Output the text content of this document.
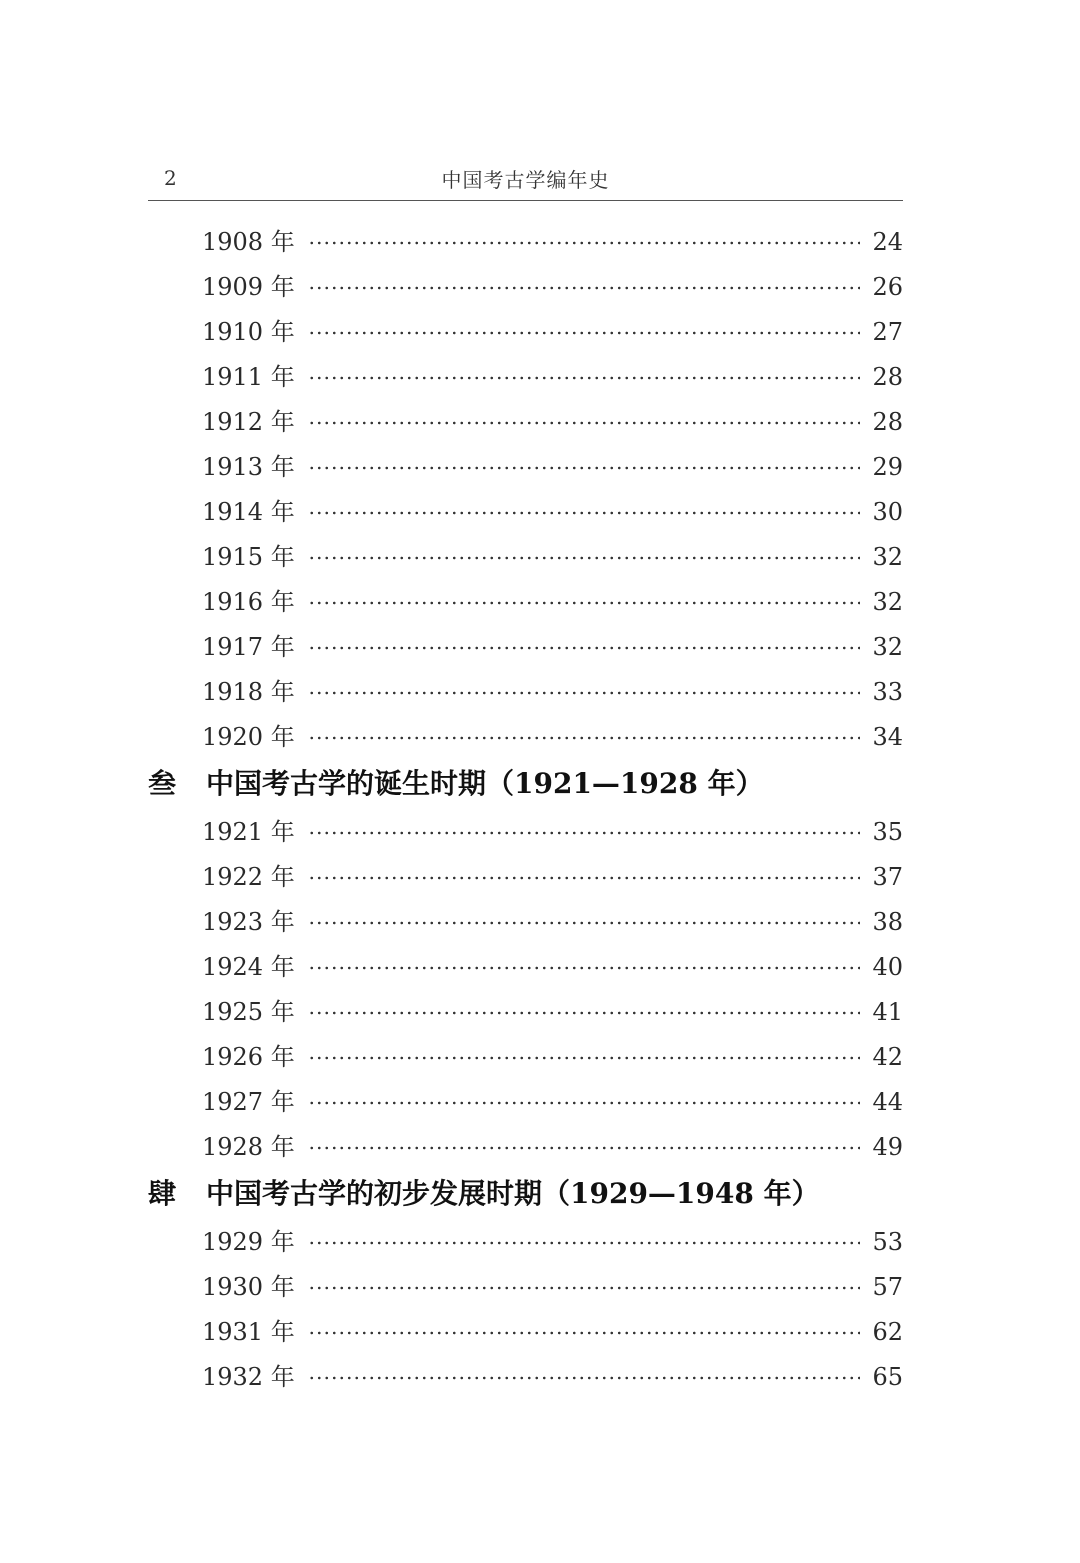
2	中国考古学编年史
1908 年	24
1909 年	26
1910 年	27
1911 年	28
1912 年	28
1913 年	29
1914 年	30
1915 年	32
1916 年	32
1917 年	32
1918 年	33
1920 年	34
叁 中国考古学的诞生时期（1921—1928 年）
1921 年	35
1922 年	37
1923 年	38
1924 年	40
1925 年	41
1926 年	42
1927 年	44
1928 年	49
肆 中国考古学的初步发展时期（1929—1948 年）
1929 年	53
1930 年	57
1931 年	62
1932 年	65
